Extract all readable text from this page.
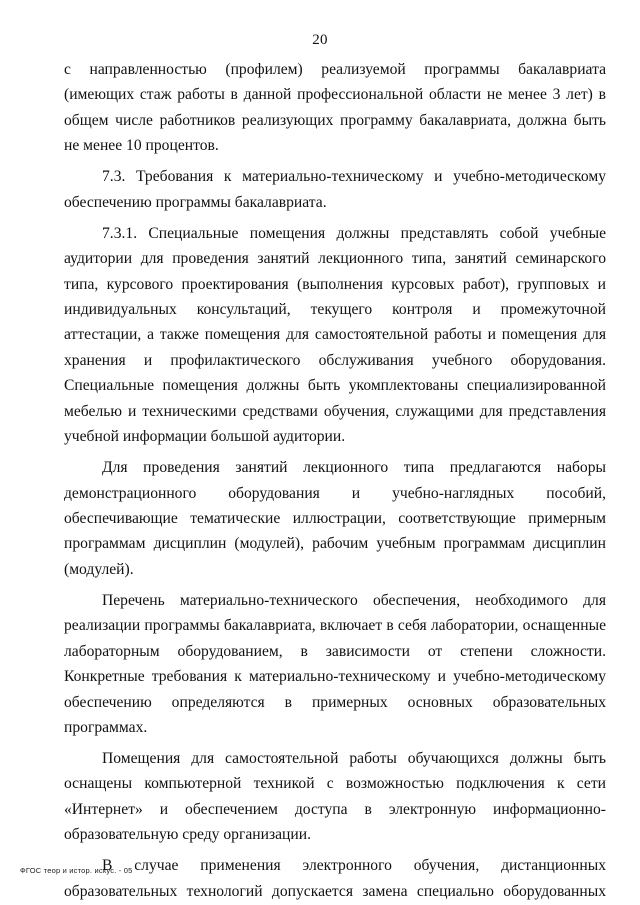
20

с направленностью (профилем) реализуемой программы бакалавриата (имеющих стаж работы в данной профессиональной области не менее 3 лет) в общем числе работников реализующих программу бакалавриата, должна быть не менее 10 процентов.

7.3. Требования к материально-техническому и учебно-методическому обеспечению программы бакалавриата.

7.3.1. Специальные помещения должны представлять собой учебные аудитории для проведения занятий лекционного типа, занятий семинарского типа, курсового проектирования (выполнения курсовых работ), групповых и индивидуальных консультаций, текущего контроля и промежуточной аттестации, а также помещения для самостоятельной работы и помещения для хранения и профилактического обслуживания учебного оборудования. Специальные помещения должны быть укомплектованы специализированной мебелью и техническими средствами обучения, служащими для представления учебной информации большой аудитории.

Для проведения занятий лекционного типа предлагаются наборы демонстрационного оборудования и учебно-наглядных пособий, обеспечивающие тематические иллюстрации, соответствующие примерным программам дисциплин (модулей), рабочим учебным программам дисциплин (модулей).

Перечень материально-технического обеспечения, необходимого для реализации программы бакалавриата, включает в себя лаборатории, оснащенные лабораторным оборудованием, в зависимости от степени сложности. Конкретные требования к материально-техническому и учебно-методическому обеспечению определяются в примерных основных образовательных программах.

Помещения для самостоятельной работы обучающихся должны быть оснащены компьютерной техникой с возможностью подключения к сети «Интернет» и обеспечением доступа в электронную информационно-образовательную среду организации.

В случае применения электронного обучения, дистанционных образовательных технологий допускается замена специально оборудованных

ФГОС теор и истор. искус. - 05
